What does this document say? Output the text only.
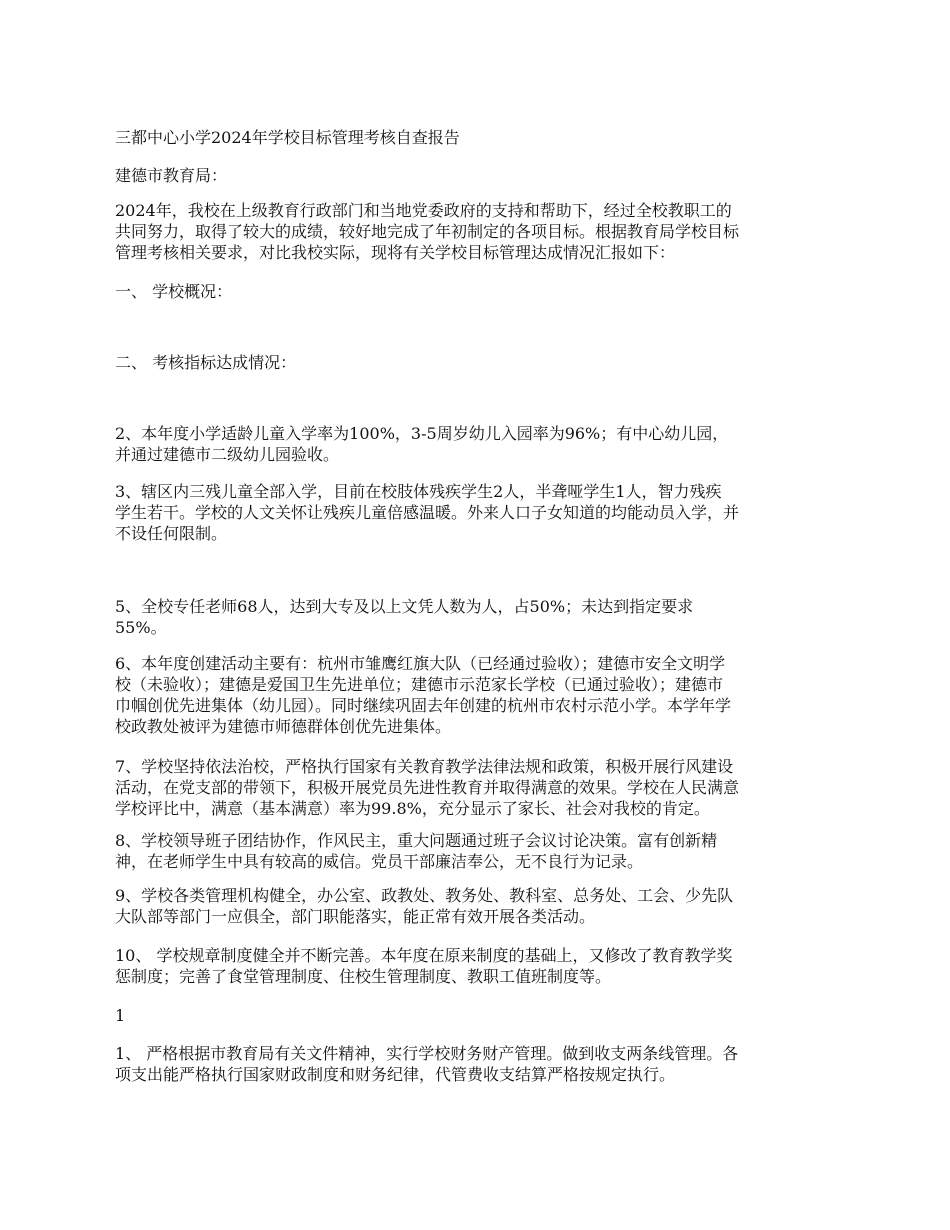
三都中心小学2024年学校目标管理考核自查报告

建德市教育局：

2024年，我校在上级教育行政部门和当地党委政府的支持和帮助下，经过全校教职工的
共同努力，取得了较大的成绩，较好地完成了年初制定的各项目标。根据教育局学校目标
管理考核相关要求，对比我校实际，现将有关学校目标管理达成情况汇报如下：

一、 学校概况：

二、 考核指标达成情况：

2、本年度小学适龄儿童入学率为100%，3-5周岁幼儿入园率为96%；有中心幼儿园，
并通过建德市二级幼儿园验收。

3、辖区内三残儿童全部入学，目前在校肢体残疾学生2人，半聋哑学生1人，智力残疾
学生若干。学校的人文关怀让残疾儿童倍感温暖。外来人口子女知道的均能动员入学，并
不设任何限制。

5、全校专任老师68人，达到大专及以上文凭人数为人，占50%；未达到指定要求
55%。

6、本年度创建活动主要有：杭州市雏鹰红旗大队（已经通过验收）；建德市安全文明学
校（未验收）；建德是爱国卫生先进单位；建德市示范家长学校（已通过验收）；建德市
巾帼创优先进集体（幼儿园）。同时继续巩固去年创建的杭州市农村示范小学。本学年学
校政教处被评为建德市师德群体创优先进集体。

7、学校坚持依法治校，严格执行国家有关教育教学法律法规和政策，积极开展行风建设
活动，在党支部的带领下，积极开展党员先进性教育并取得满意的效果。学校在人民满意
学校评比中，满意（基本满意）率为99.8%，充分显示了家长、社会对我校的肯定。

8、学校领导班子团结协作，作风民主，重大问题通过班子会议讨论决策。富有创新精
神，在老师学生中具有较高的威信。党员干部廉洁奉公，无不良行为记录。

9、学校各类管理机构健全，办公室、政教处、教务处、教科室、总务处、工会、少先队
大队部等部门一应俱全，部门职能落实，能正常有效开展各类活动。

10、 学校规章制度健全并不断完善。本年度在原来制度的基础上，又修改了教育教学奖
惩制度；完善了食堂管理制度、住校生管理制度、教职工值班制度等。

1

1、 严格根据市教育局有关文件精神，实行学校财务财产管理。做到收支两条线管理。各
项支出能严格执行国家财政制度和财务纪律，代管费收支结算严格按规定执行。
